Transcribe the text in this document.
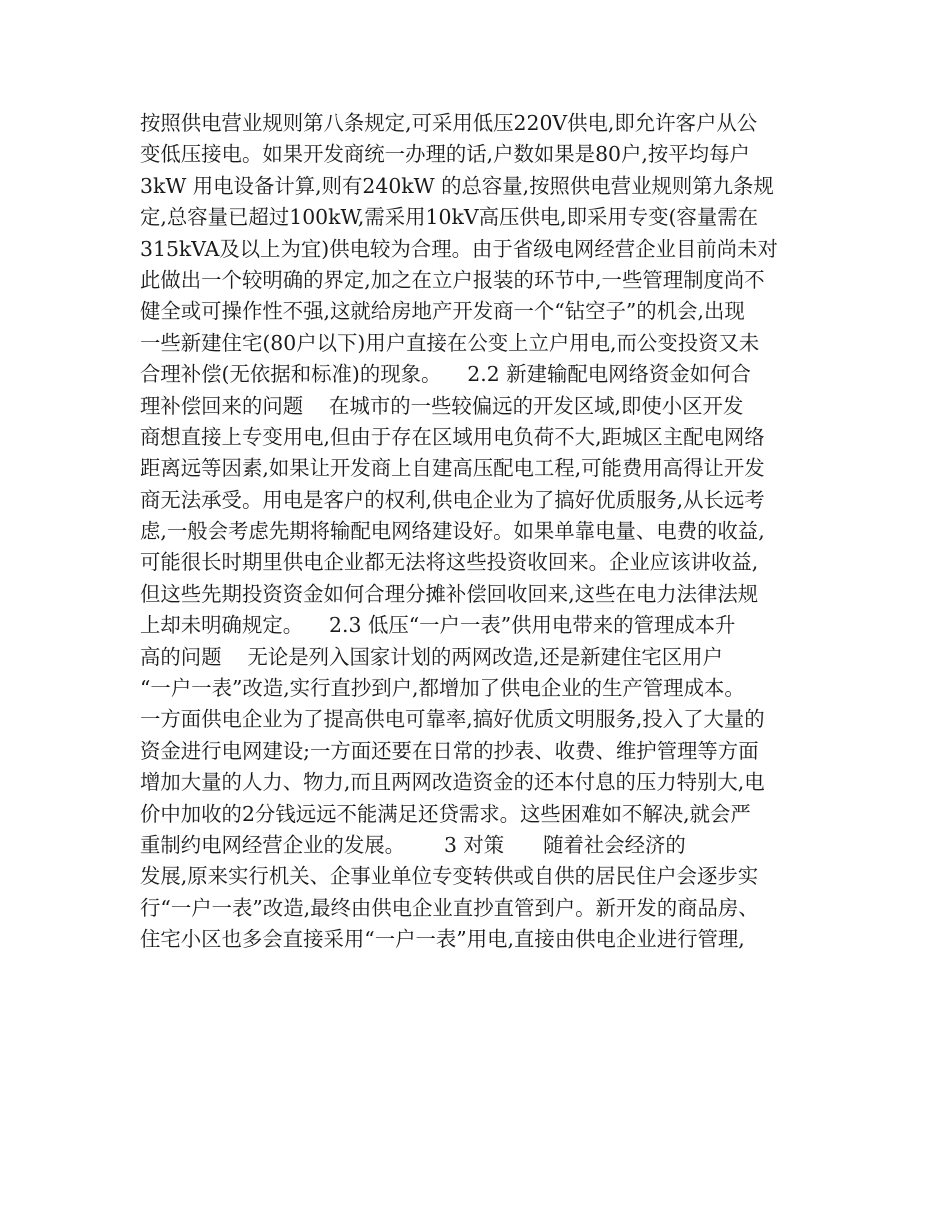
按照供电营业规则第八条规定,可采用低压220V供电,即允许客户从公
变低压接电。如果开发商统一办理的话,户数如果是80户,按平均每户
3kW 用电设备计算,则有240kW 的总容量,按照供电营业规则第九条规
定,总容量已超过100kW,需采用10kV高压供电,即采用专变(容量需在
315kVA及以上为宜)供电较为合理。由于省级电网经营企业目前尚未对
此做出一个较明确的界定,加之在立户报装的环节中,一些管理制度尚不
健全或可操作性不强,这就给房地产开发商一个“钻空子”的机会,出现
一些新建住宅(80户以下)用户直接在公变上立户用电,而公变投资又未
合理补偿(无依据和标准)的现象。    2.2 新建输配电网络资金如何合
理补偿回来的问题    在城市的一些较偏远的开发区域,即使小区开发
商想直接上专变用电,但由于存在区域用电负荷不大,距城区主配电网络
距离远等因素,如果让开发商上自建高压配电工程,可能费用高得让开发
商无法承受。用电是客户的权利,供电企业为了搞好优质服务,从长远考
虑,一般会考虑先期将输配电网络建设好。如果单靠电量、电费的收益,
可能很长时期里供电企业都无法将这些投资收回来。企业应该讲收益,
但这些先期投资资金如何合理分摊补偿回收回来,这些在电力法律法规
上却未明确规定。    2.3 低压“一户一表”供用电带来的管理成本升
高的问题    无论是列入国家计划的两网改造,还是新建住宅区用户
“一户一表”改造,实行直抄到户,都增加了供电企业的生产管理成本。
一方面供电企业为了提高供电可靠率,搞好优质文明服务,投入了大量的
资金进行电网建设;一方面还要在日常的抄表、收费、维护管理等方面
增加大量的人力、物力,而且两网改造资金的还本付息的压力特别大,电
价中加收的2分钱远远不能满足还贷需求。这些困难如不解决,就会严
重制约电网经营企业的发展。      3 对策      随着社会经济的
发展,原来实行机关、企事业单位专变转供或自供的居民住户会逐步实
行“一户一表”改造,最终由供电企业直抄直管到户。新开发的商品房、
住宅小区也多会直接采用“一户一表”用电,直接由供电企业进行管理,
